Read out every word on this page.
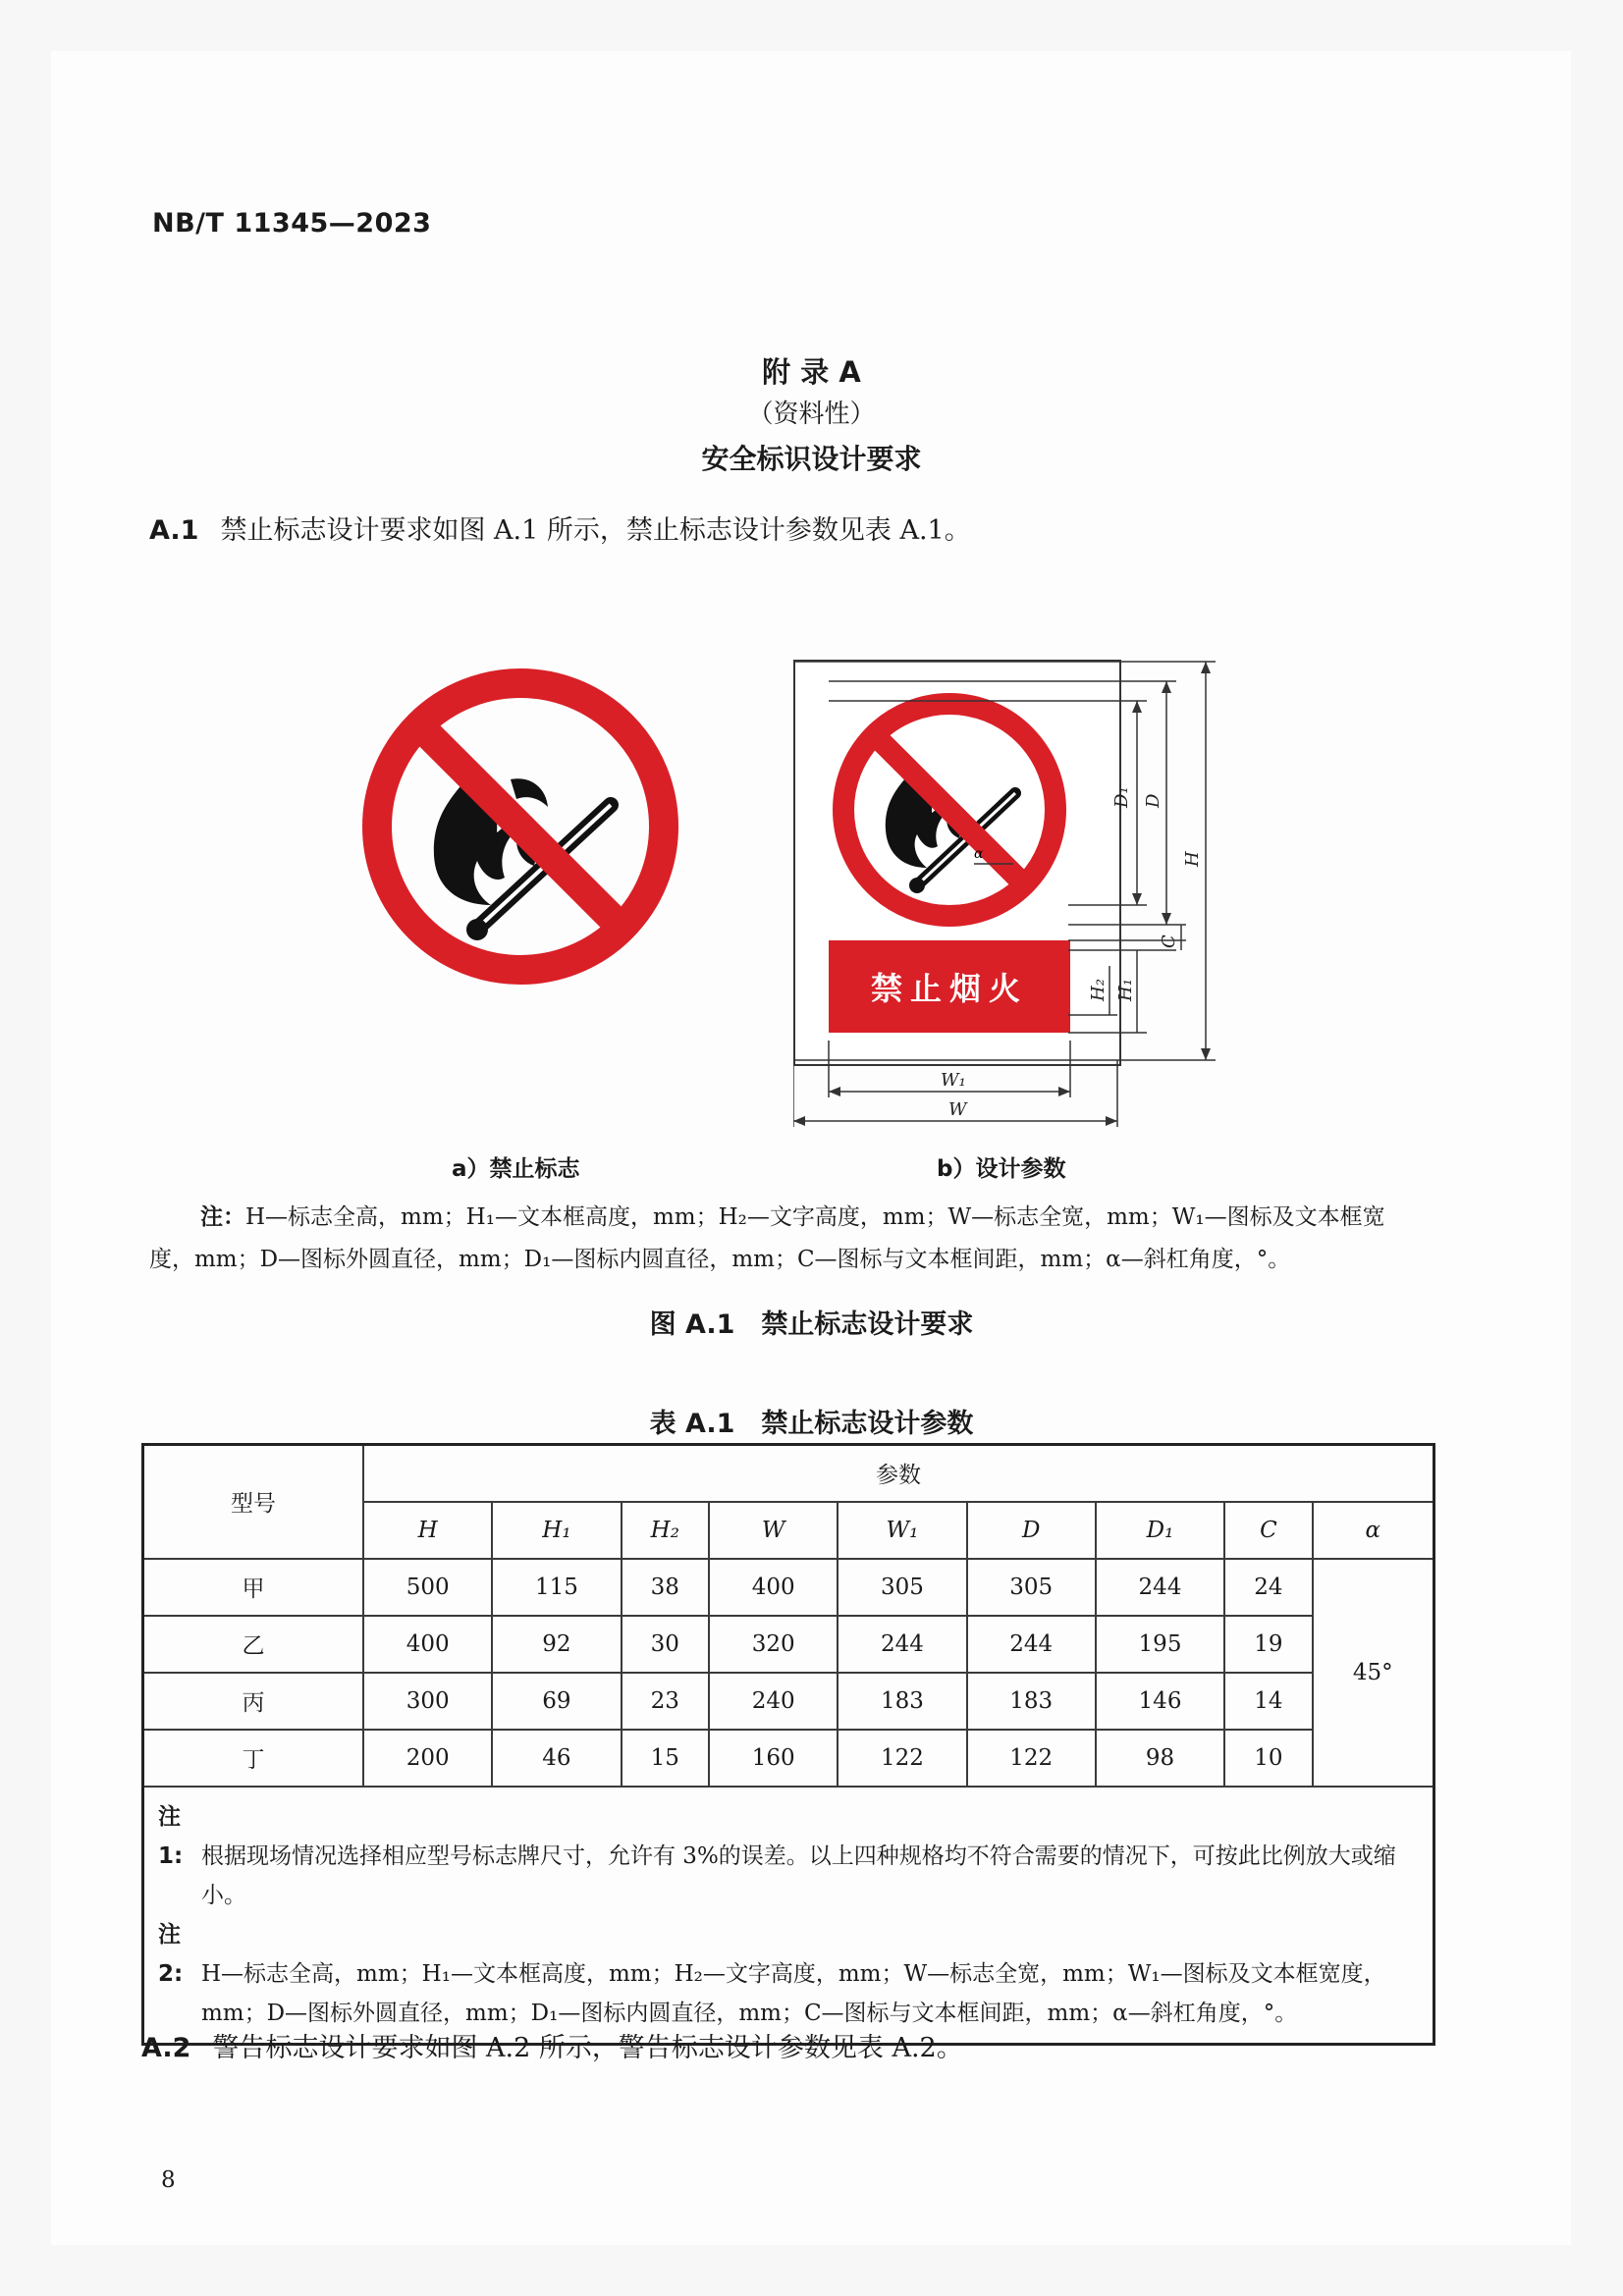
NB/T 11345—2023
附 录 A
（资料性）
安全标识设计要求
A.1 禁止标志设计要求如图 A.1 所示，禁止标志设计参数见表 A.1。
α
禁止烟火
D₁ D
H
C
H₂ H₁
W₁
W
a）禁止标志	b）设计参数
注：H—标志全高，mm；H₁—文本框高度，mm；H₂—文字高度，mm；W—标志全宽，mm；W₁—图标及文本框宽
度，mm；D—图标外圆直径，mm；D₁—图标内圆直径，mm；C—图标与文本框间距，mm；α—斜杠角度，°。
图 A.1　禁止标志设计要求
表 A.1　禁止标志设计参数
型号	参数								
	H	H₁	H₂	W	W₁	D	D₁	C	α
甲	500	115	38	400	305	305	244	24	45°
乙	400	92	30	320	244	244	195	19	
丙	300	69	23	240	183	183	146	14	
丁	200	46	15	160	122	122	98	10	

注 1: 根据现场情况选择相应型号标志牌尺寸，允许有 3%的误差。以上四种规格均不符合需要的情况下，可按此比例放大或缩小。
注 2: H—标志全高，mm；H₁—文本框高度，mm；H₂—文字高度，mm；W—标志全宽，mm；W₁—图标及文本框宽度，mm；D—图标外圆直径，mm；D₁—图标内圆直径，mm；C—图标与文本框间距，mm；α—斜杠角度，°。									
A.2 警告标志设计要求如图 A.2 所示，警告标志设计参数见表 A.2。
8
